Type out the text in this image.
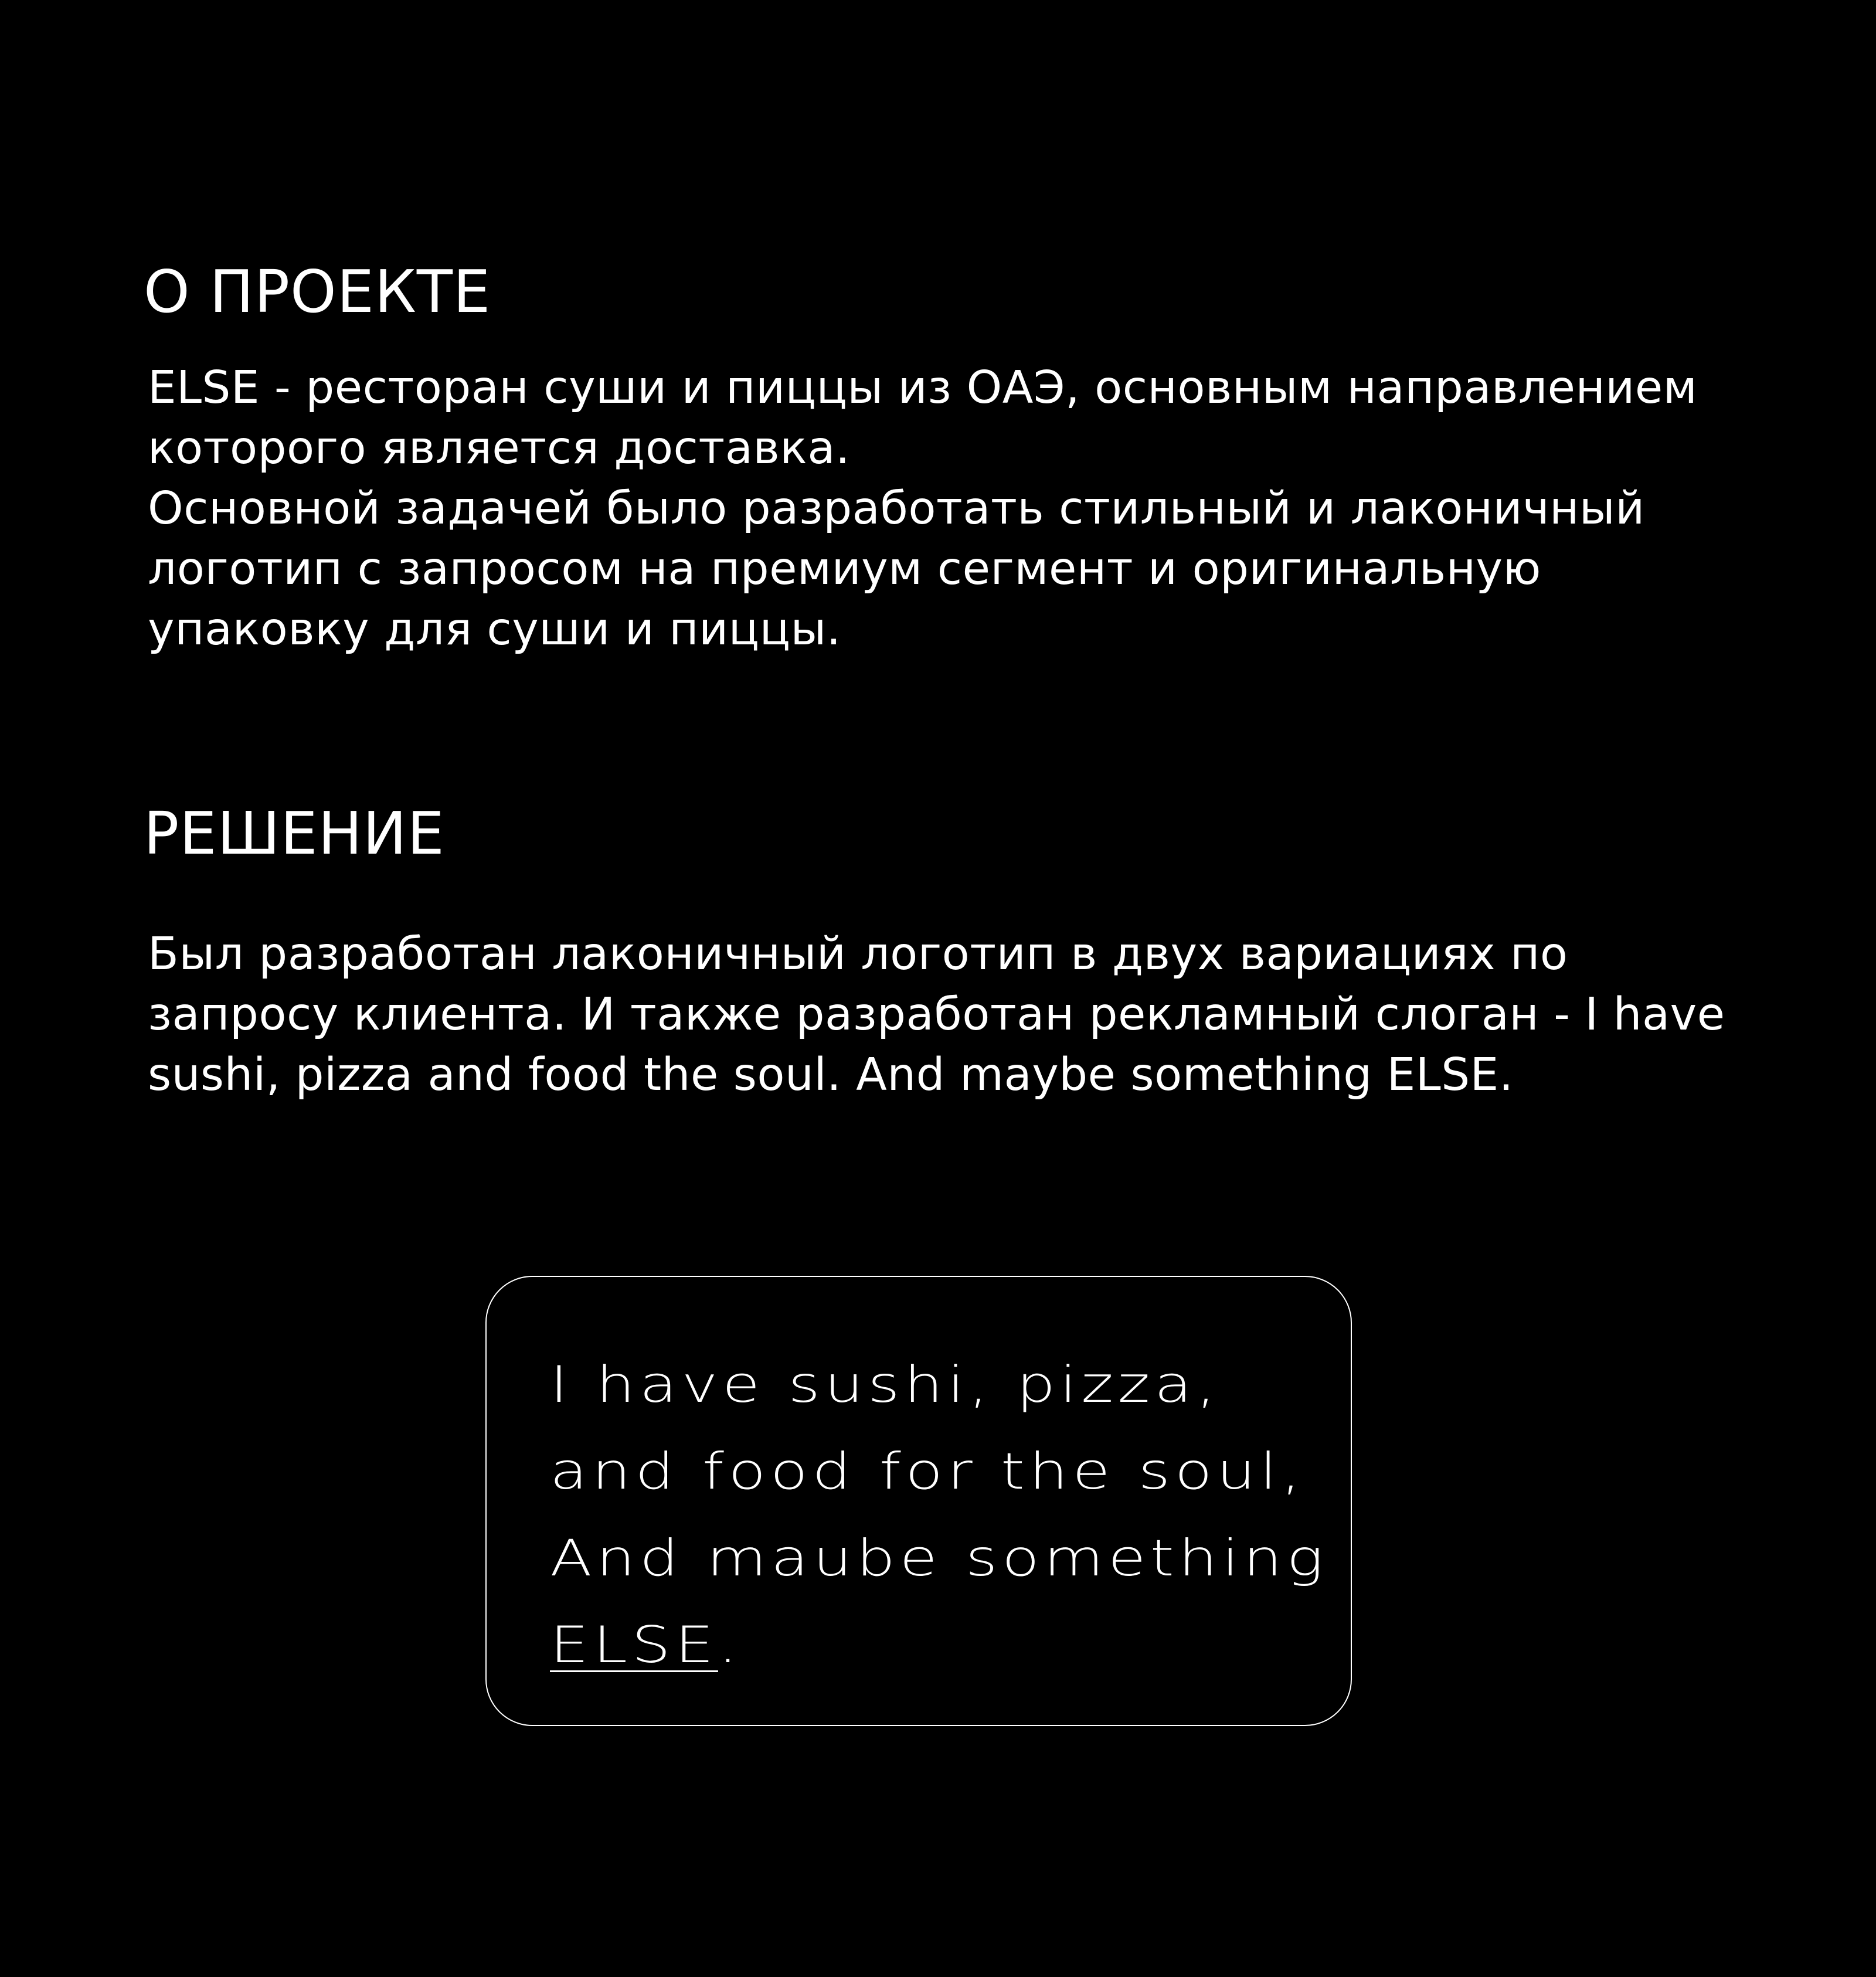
О ПРОЕКТЕ

ELSE - ресторан суши и пиццы из ОАЭ, основным направлением
которого является доставка.
Основной задачей было разработать стильный и лаконичный
логотип с запросом на премиум сегмент и оригинальную
упаковку для суши и пиццы.

РЕШЕНИЕ

Был разработан лаконичный логотип в двух вариациях по
запросу клиента. И также разработан рекламный слоган - I have
sushi, pizza and food the soul. And maybe something ELSE.

I have sushi, pizza,
and food for the soul,
And maube something
ELSE.
